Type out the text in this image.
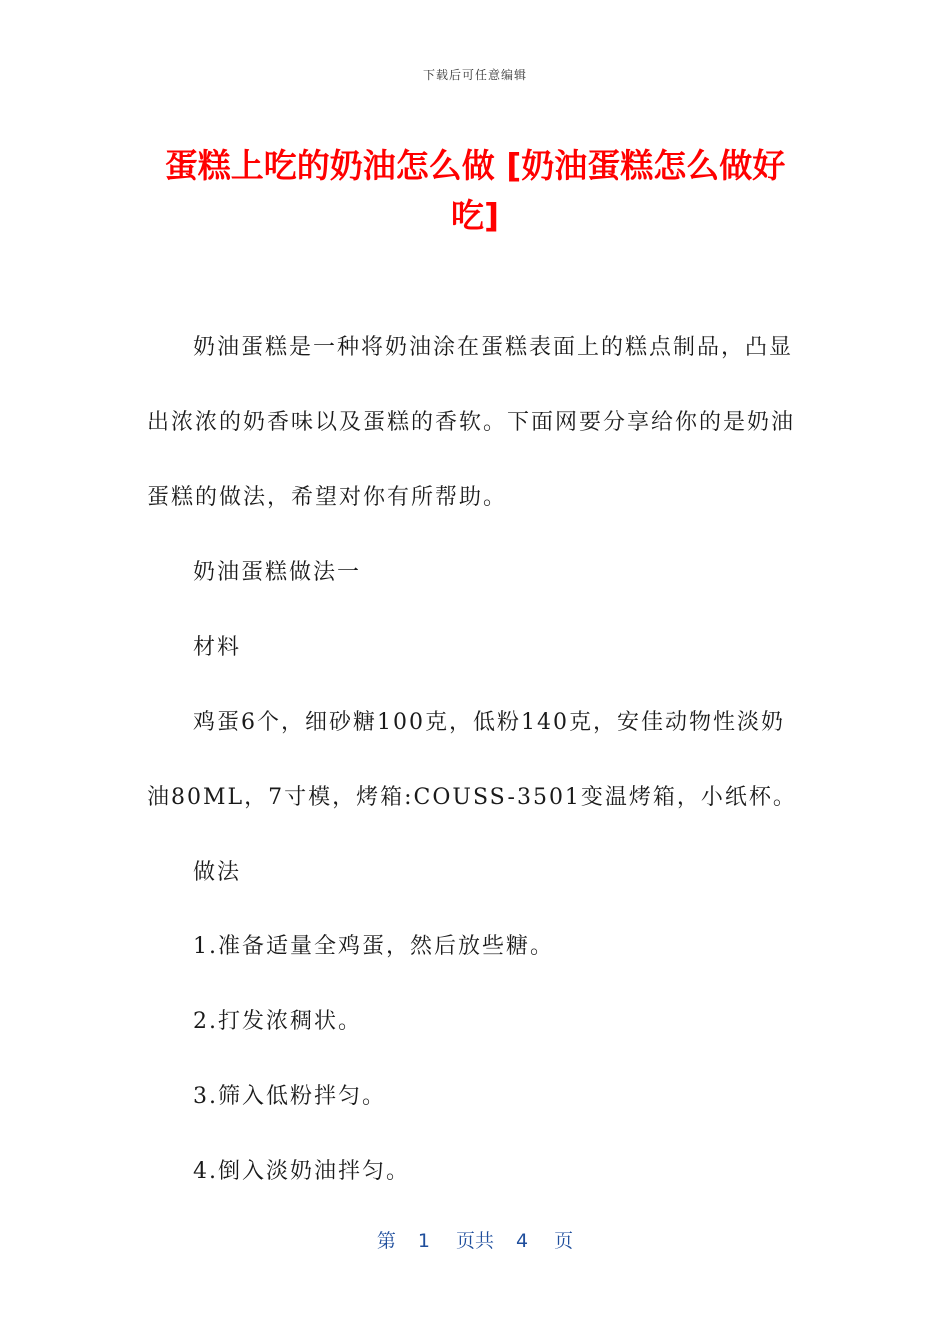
下载后可任意编辑
蛋糕上吃的奶油怎么做 [奶油蛋糕怎么做好
吃]
奶油蛋糕是一种将奶油涂在蛋糕表面上的糕点制品，凸显
出浓浓的奶香味以及蛋糕的香软。下面网要分享给你的是奶油
蛋糕的做法，希望对你有所帮助。
奶油蛋糕做法一
材料
鸡蛋6个，细砂糖100克，低粉140克，安佳动物性淡奶
油80ML，7寸模，烤箱:COUSS-3501变温烤箱，小纸杯。
做法
1.准备适量全鸡蛋，然后放些糖。
2.打发浓稠状。
3.筛入低粉拌匀。
4.倒入淡奶油拌匀。
第 1 页共 4 页
